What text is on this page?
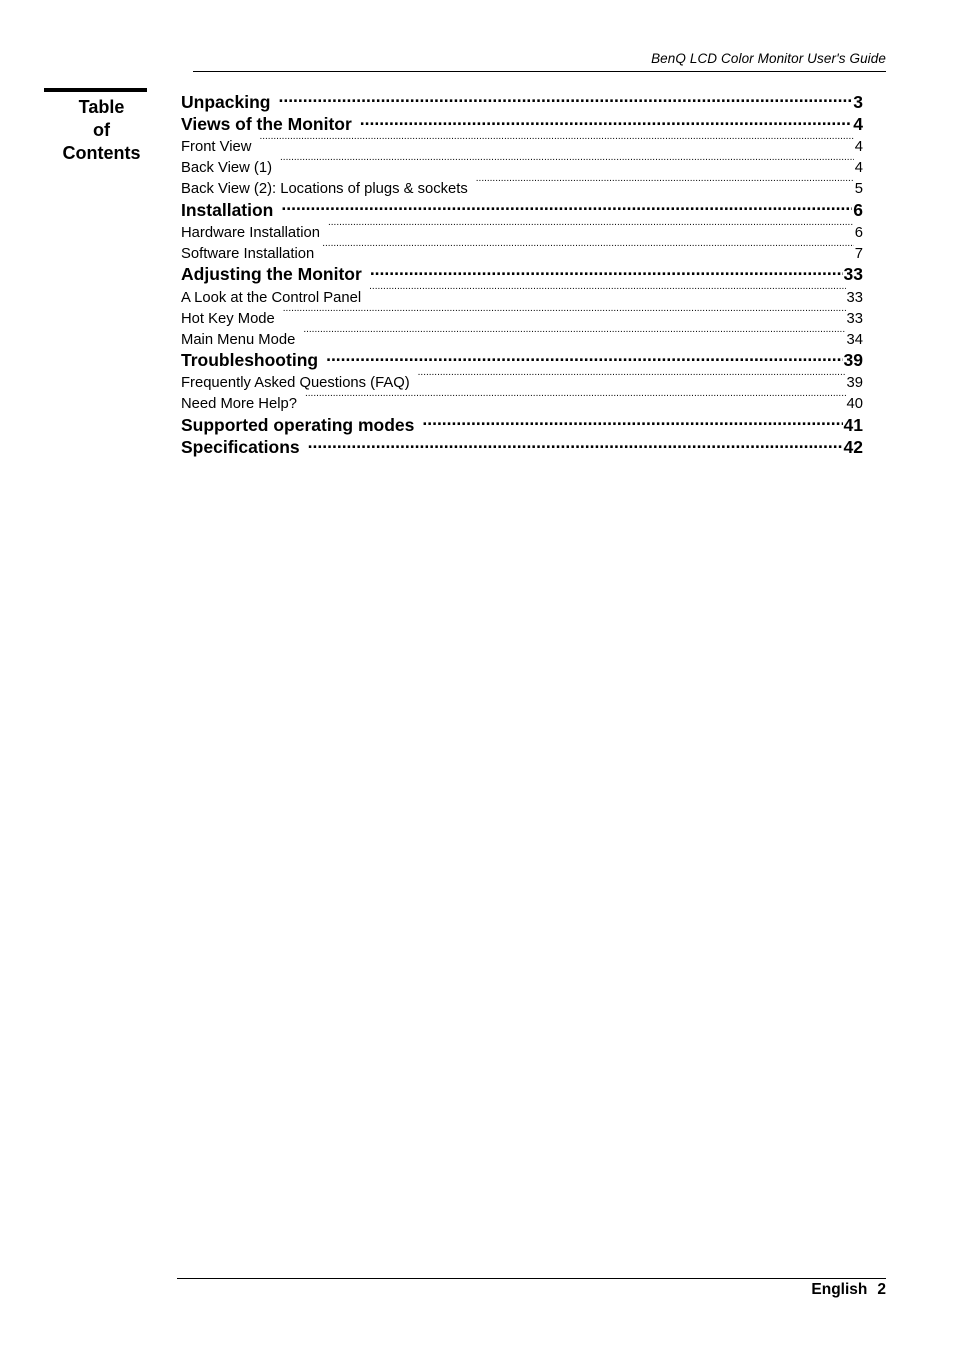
BenQ LCD Color Monitor User's Guide
Table
of
Contents
Unpacking .....	3
Views of the Monitor .....	4
Front View .....	4
Back View (1) .....	4
Back View (2): Locations of plugs & sockets .....	5
Installation .....	6
Hardware Installation .....	6
Software Installation .....	7
Adjusting the Monitor .....	33
A Look at the Control Panel .....	33
Hot Key Mode .....	33
Main Menu Mode .....	34
Troubleshooting .....	39
Frequently Asked Questions (FAQ) .....	39
Need More Help? .....	40
Supported operating modes .....	41
Specifications .....	42
English 2
